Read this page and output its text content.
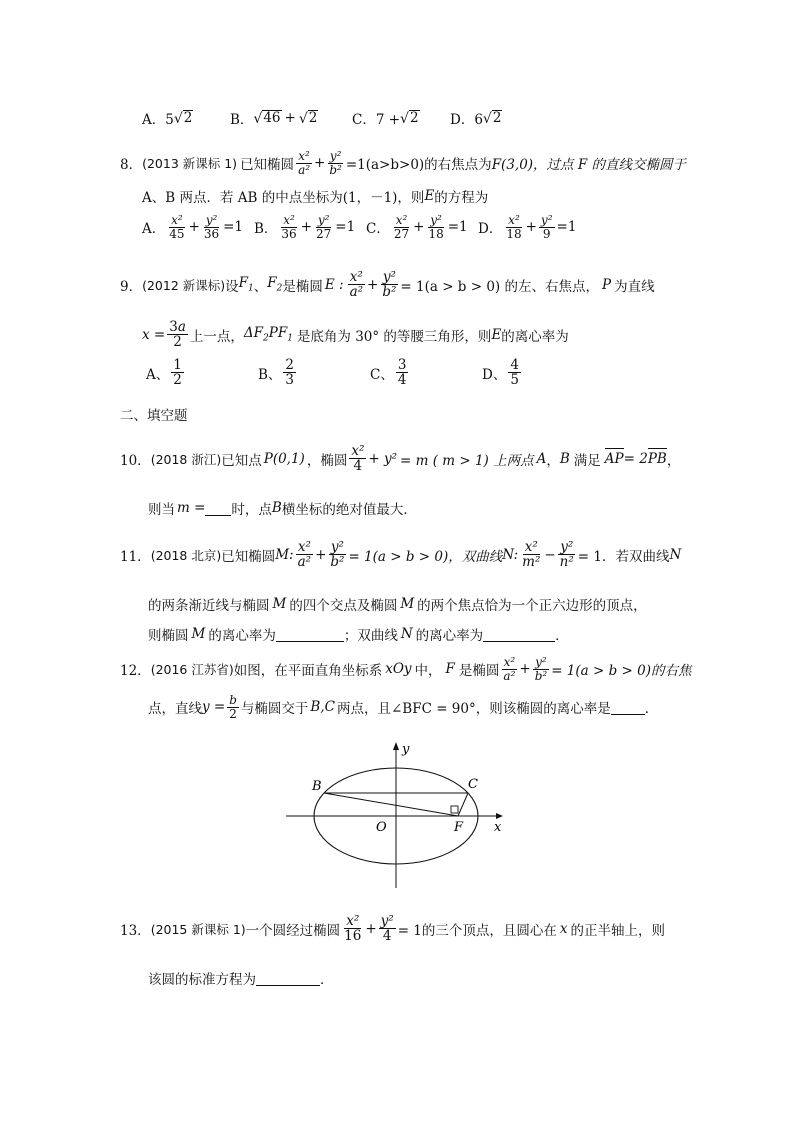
A．5 √ 2	B． √ 46 + √ 2	C．7 + √ 2 D．6 √ 2
8． (2013 新课标 1) 已知椭圆 $\frac{\text{x²}}{\text{a²}} + \frac{\text{y²}}{\text{b²}} =1(a>b>0)$的右焦点为 F(3,0)，过点 F 的直线交椭圆于
A、B 两点．若 AB 的中点坐标为(1，－1)，则 E 的方程为
A． $\frac{\text{x²}}{45} + \frac{\text{y²}}{36} =1$ B． $\frac{\text{x²}}{36} + \frac{\text{y²}}{27} =1$ C． $\frac{\text{x²}}{27} + \frac{\text{y²}}{18} =1$ D． $\frac{\text{x²}}{18} + \frac{\text{y²}}{9} =1$
9． (2012 新课标) 设 $F_1$ 、 $F_2$ 是椭圆 E : $\frac{\text{x²}}{\text{a²}} + \frac{\text{y²}}{\text{b²}} = 1(a > b > 0)$ 的左、右焦点， P 为直线
$x = \frac{3a}{2}$ 上一点， $\Delta F_2PF_1$ 是底角为 30° 的等腰三角形，则 E 的离心率为
A、 $\frac{1}{2}$	B、 $\frac{2}{3}$	C、 $\frac{3}{4}$	D、 $\frac{4}{5}$
二、填空题
10． (2018 浙江) 已知点 P(0,1) ，椭圆 $\frac{\text{x²}}{4} + y^2 = m$ ( m > 1) 上两点 A ， B 满足 AP = 2 PB ，
则当 m = 时，点 B 横坐标的绝对值最大．
11． (2018 北京) 已知椭圆 M: $\frac{\text{x²}}{\text{a²}} + \frac{\text{y²}}{\text{b²}} = 1(a > b > 0)$，双曲线 N: $\frac{\text{x²}}{\text{m²}} - \frac{\text{y²}}{\text{n²}} = 1$．若双曲线 N
的两条渐近线与椭圆 M 的四个交点及椭圆 M 的两个焦点恰为一个正六边形的顶点，
则椭圆 M 的离心率为	；双曲线 N 的离心率为	．
12． (2016 江苏省) 如图，在平面直角坐标系 xOy 中， F 是椭圆 $\frac{\text{x²}}{\text{a²}} + \frac{\text{y²}}{\text{b²}} = 1(a > b > 0)$的右焦
点，直线 $y = \frac{b}{2}$ 与椭圆交于 B,C 两点，且∠BFC = 90°，则该椭圆的离心率是	．
y
x
B	C
O	F
13． (2015 新课标 1) 一个圆经过椭圆 $\frac{\text{x²}}{16} + \frac{\text{y²}}{4} = 1$的三个顶点，且圆心在 x 的正半轴上，则
该圆的标准方程为	．
